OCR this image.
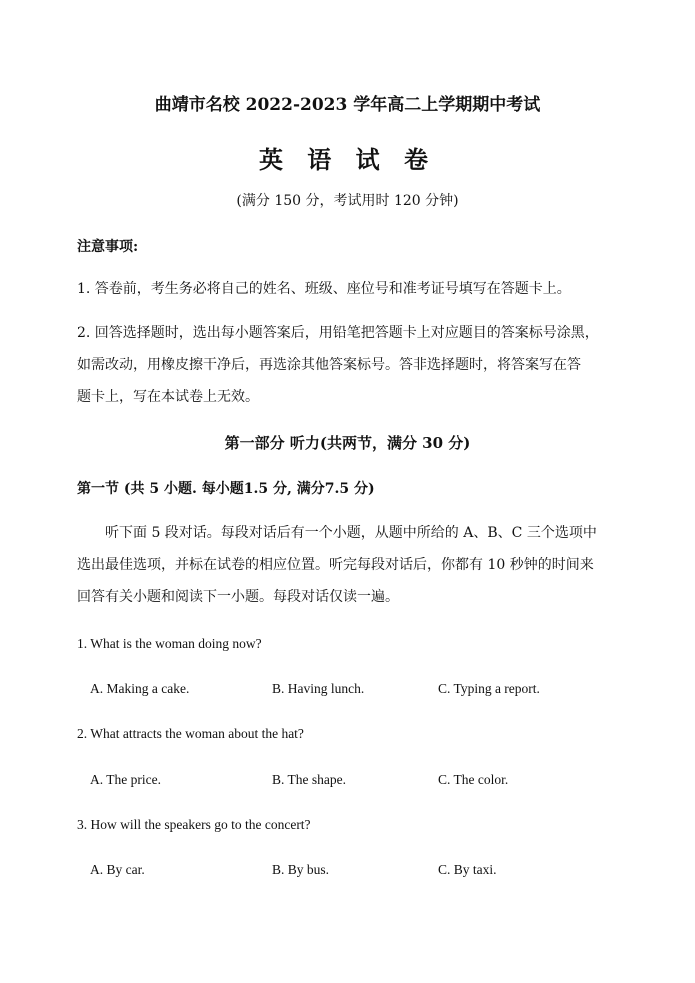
曲靖市名校 2022-2023 学年高二上学期期中考试
英 语 试 卷
(满分 150 分，考试用时 120 分钟)
注意事项:
1. 答卷前，考生务必将自己的姓名、班级、座位号和准考证号填写在答题卡上。
2. 回答选择题时，选出每小题答案后，用铅笔把答题卡上对应题目的答案标号涂黑，
如需改动，用橡皮擦干净后，再选涂其他答案标号。答非选择题时，将答案写在答
题卡上，写在本试卷上无效。
第一部分 听力(共两节，满分 30 分)
第一节 (共 5 小题. 每小题1.5 分, 满分7.5 分)
听下面 5 段对话。每段对话后有一个小题，从题中所给的 A、B、C 三个选项中
选出最佳选项，并标在试卷的相应位置。听完每段对话后，你都有 10 秒钟的时间来
回答有关小题和阅读下一小题。每段对话仅读一遍。
1. What is the woman doing now?
A. Making a cake.	B. Having lunch.	C. Typing a report.
2. What attracts the woman about the hat?
A. The price.	B. The shape.	C. The color.
3. How will the speakers go to the concert?
A. By car.	B. By bus.	C. By taxi.
